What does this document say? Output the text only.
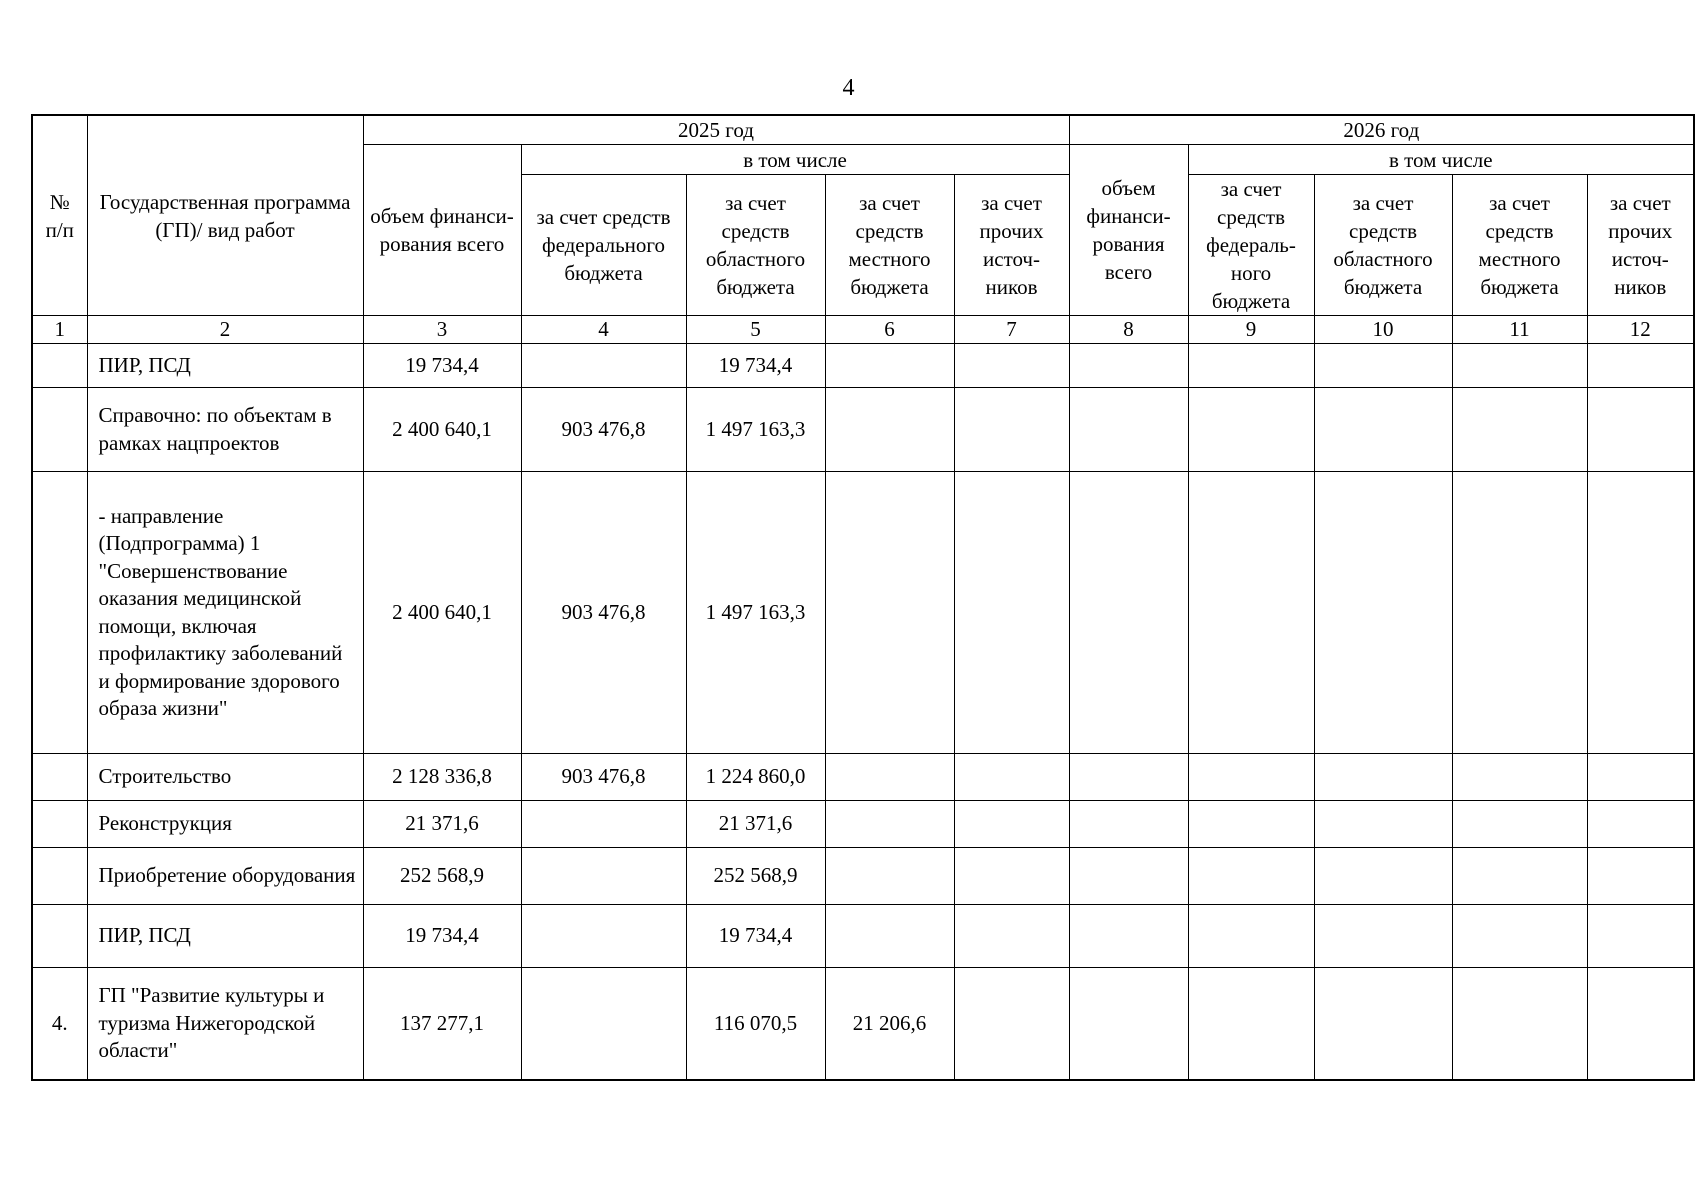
4
№ п/п	Государственная программа (ГП)/ вид работ	2025 год					2026 год				
		объем финанси-рования всего	в том числе				объем финанси-рования всего	в том числе			
			за счет средств федерального бюджета	за счет средств областного бюджета	за счет средств местного бюджета	за счет прочих источ-ников		за счет средств федераль-ного бюджета	за счет средств областного бюджета	за счет средств местного бюджета	за счет прочих источ-ников
1	2	3	4	5	6	7	8	9	10	11	12
	ПИР, ПСД	19 734,4		19 734,4							
	Справочно: по объектам в рамках нацпроектов	2 400 640,1	903 476,8	1 497 163,3							
	- направление (Подпрограмма) 1 "Совершенствование оказания медицинской помощи, включая профилактику заболеваний и формирование здорового образа жизни"	2 400 640,1	903 476,8	1 497 163,3							
	Строительство	2 128 336,8	903 476,8	1 224 860,0							
	Реконструкция	21 371,6		21 371,6							
	Приобретение оборудования	252 568,9		252 568,9							
	ПИР, ПСД	19 734,4		19 734,4							
4.	ГП "Развитие культуры и туризма Нижегородской области"	137 277,1		116 070,5	21 206,6						
